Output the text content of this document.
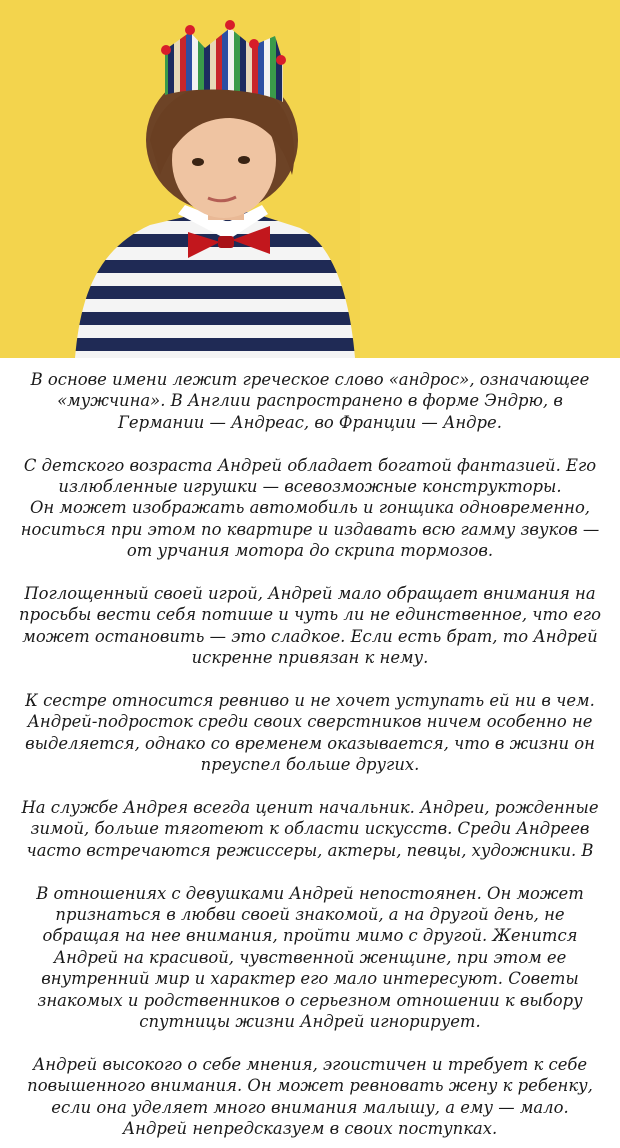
В основе имени лежит греческое слово «андрос», означающее
«мужчина». В Англии распространено в форме Эндрю, в
Германии — Андреас, во Франции — Андре.

С детского возраста Андрей обладает богатой фантазией. Его
излюбленные игрушки — всевозможные конструкторы.
Он может изображать автомобиль и гонщика одновременно,
носиться при этом по квартире и издавать всю гамму звуков —
от урчания мотора до скрипа тормозов.

Поглощенный своей игрой, Андрей мало обращает внимания на
просьбы вести себя потише и чуть ли не единственное, что его
может остановить — это сладкое. Если есть брат, то Андрей
искренне привязан к нему.

К сестре относится ревниво и не хочет уступать ей ни в чем.
Андрей-подросток среди своих сверстников ничем особенно не
выделяется, однако со временем оказывается, что в жизни он
преуспел больше других.

На службе Андрея всегда ценит начальник. Андреи, рожденные
зимой, больше тяготеют к области искусств. Среди Андреев
часто встречаются режиссеры, актеры, певцы, художники. В

В отношениях с девушками Андрей непостоянен. Он может
признаться в любви своей знакомой, а на другой день, не
обращая на нее внимания, пройти мимо с другой. Женится
Андрей на красивой, чувственной женщине, при этом ее
внутренний мир и характер его мало интересуют. Советы
знакомых и родственников о серьезном отношении к выбору
спутницы жизни Андрей игнорирует.

Андрей высокого о себе мнения, эгоистичен и требует к себе
повышенного внимания. Он может ревновать жену к ребенку,
если она уделяет много внимания малышу, а ему — мало.
Андрей непредсказуем в своих поступках.
